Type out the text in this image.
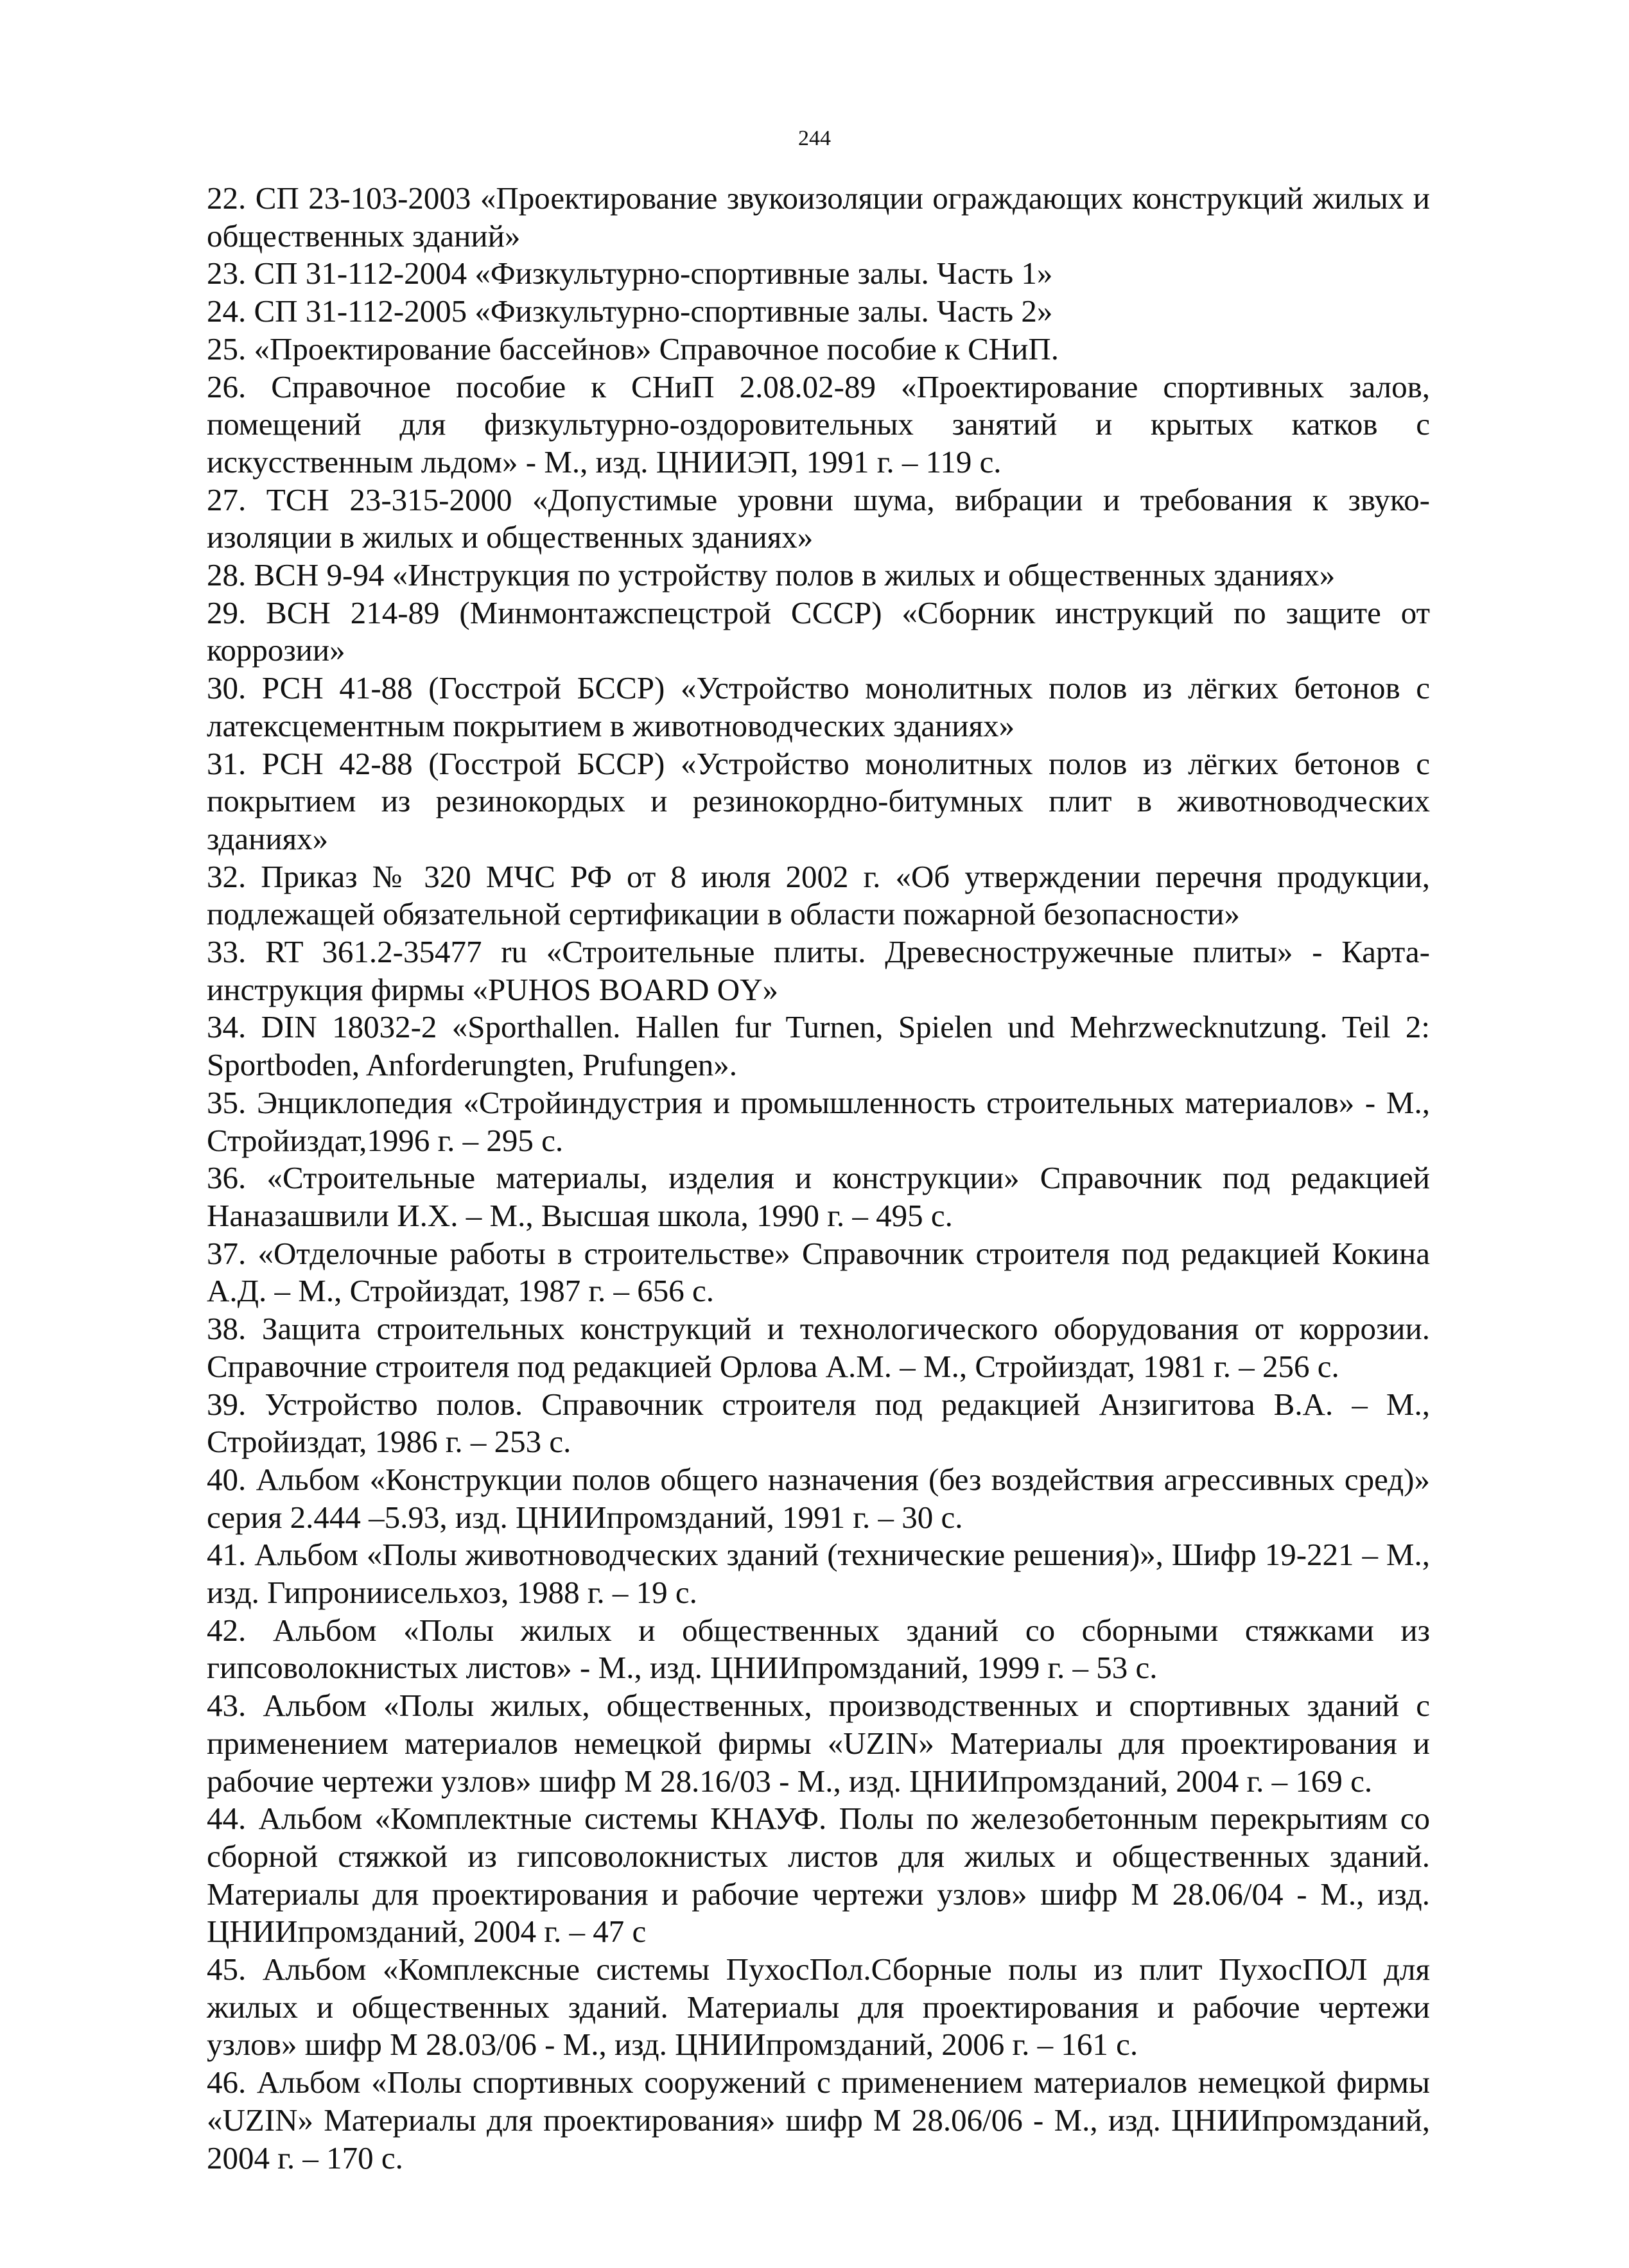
244
22. СП 23-103-2003 «Проектирование звукоизоляции ограждающих конструкций жилых и общественных зданий»
23. СП 31-112-2004 «Физкультурно-спортивные залы. Часть 1»
24. СП 31-112-2005 «Физкультурно-спортивные залы. Часть 2»
25. «Проектирование бассейнов» Справочное пособие к СНиП.
26. Справочное пособие к СНиП 2.08.02-89 «Проектирование спортивных залов, помещений для физкультурно-оздоровительных занятий и крытых катков с искусственным льдом» - М., изд. ЦНИИЭП, 1991 г. – 119 с.
27. ТСН 23-315-2000 «Допустимые уровни шума, вибрации и требования к звуко-изоляции в жилых и общественных зданиях»
28. ВСН 9-94 «Инструкция по устройству полов в жилых и общественных зданиях»
29. ВСН 214-89 (Минмонтажспецстрой СССР) «Сборник инструкций по защите от коррозии»
30. РСН 41-88 (Госстрой БССР) «Устройство монолитных полов из лёгких бетонов с латексцементным покрытием в животноводческих зданиях»
31. РСН 42-88 (Госстрой БССР) «Устройство монолитных полов из лёгких бетонов с покрытием из резинокордых и резинокордно-битумных плит в животноводческих зданиях»
32. Приказ № 320 МЧС РФ от 8 июля 2002 г. «Об утверждении перечня продукции, подлежащей обязательной сертификации в области пожарной безопасности»
33. RT 361.2-35477 ru «Строительные плиты. Древесностружечные плиты» - Карта-инструкция фирмы «PUHOS BOARD OY»
34. DIN 18032-2 «Sporthallen. Hallen fur Turnen, Spielen und Mehrzwecknutzung. Teil 2: Sportboden, Anforderungten, Prufungen».
35. Энциклопедия «Стройиндустрия и промышленность строительных материалов» - М., Стройиздат,1996 г. – 295 с.
36. «Строительные материалы, изделия и конструкции» Справочник под редакцией Наназашвили И.Х. – М., Высшая школа, 1990 г. – 495 с.
37. «Отделочные работы в строительстве» Справочник строителя под редакцией Кокина А.Д. – М., Стройиздат, 1987 г. – 656 с.
38. Защита строительных конструкций и технологического оборудования от коррозии. Справочние строителя под редакцией Орлова А.М. – М., Стройиздат, 1981 г. – 256 с.
39. Устройство полов. Справочник строителя под редакцией Анзигитова В.А. – М., Стройиздат, 1986 г. – 253 с.
40. Альбом «Конструкции полов общего назначения (без воздействия агрессивных сред)» серия 2.444 –5.93, изд. ЦНИИпромзданий, 1991 г. – 30 с.
41. Альбом «Полы животноводческих зданий (технические решения)», Шифр 19-221 – М., изд. Гипрониисельхоз, 1988 г. – 19 с.
42. Альбом «Полы жилых и общественных зданий со сборными стяжками из гипсоволокнистых листов» - М., изд. ЦНИИпромзданий, 1999 г. – 53 с.
43. Альбом «Полы жилых, общественных, производственных и спортивных зданий с применением материалов немецкой фирмы «UZIN» Материалы для проектирования и рабочие чертежи узлов» шифр М 28.16/03 - М., изд. ЦНИИпромзданий, 2004 г. – 169 с.
44. Альбом «Комплектные системы КНАУФ. Полы по железобетонным перекрытиям со сборной стяжкой из гипсоволокнистых листов для жилых и общественных зданий. Материалы для проектирования и рабочие чертежи узлов» шифр М 28.06/04 - М., изд. ЦНИИпромзданий, 2004 г. – 47 с
45. Альбом «Комплексные системы ПухосПол.Сборные полы из плит ПухосПОЛ для жилых и общественных зданий. Материалы для проектирования и рабочие чертежи узлов» шифр М 28.03/06 - М., изд. ЦНИИпромзданий, 2006 г. – 161 с.
46. Альбом «Полы спортивных сооружений с применением материалов немецкой фирмы «UZIN» Материалы для проектирования» шифр М 28.06/06 - М., изд. ЦНИИпромзданий, 2004 г. – 170 с.
